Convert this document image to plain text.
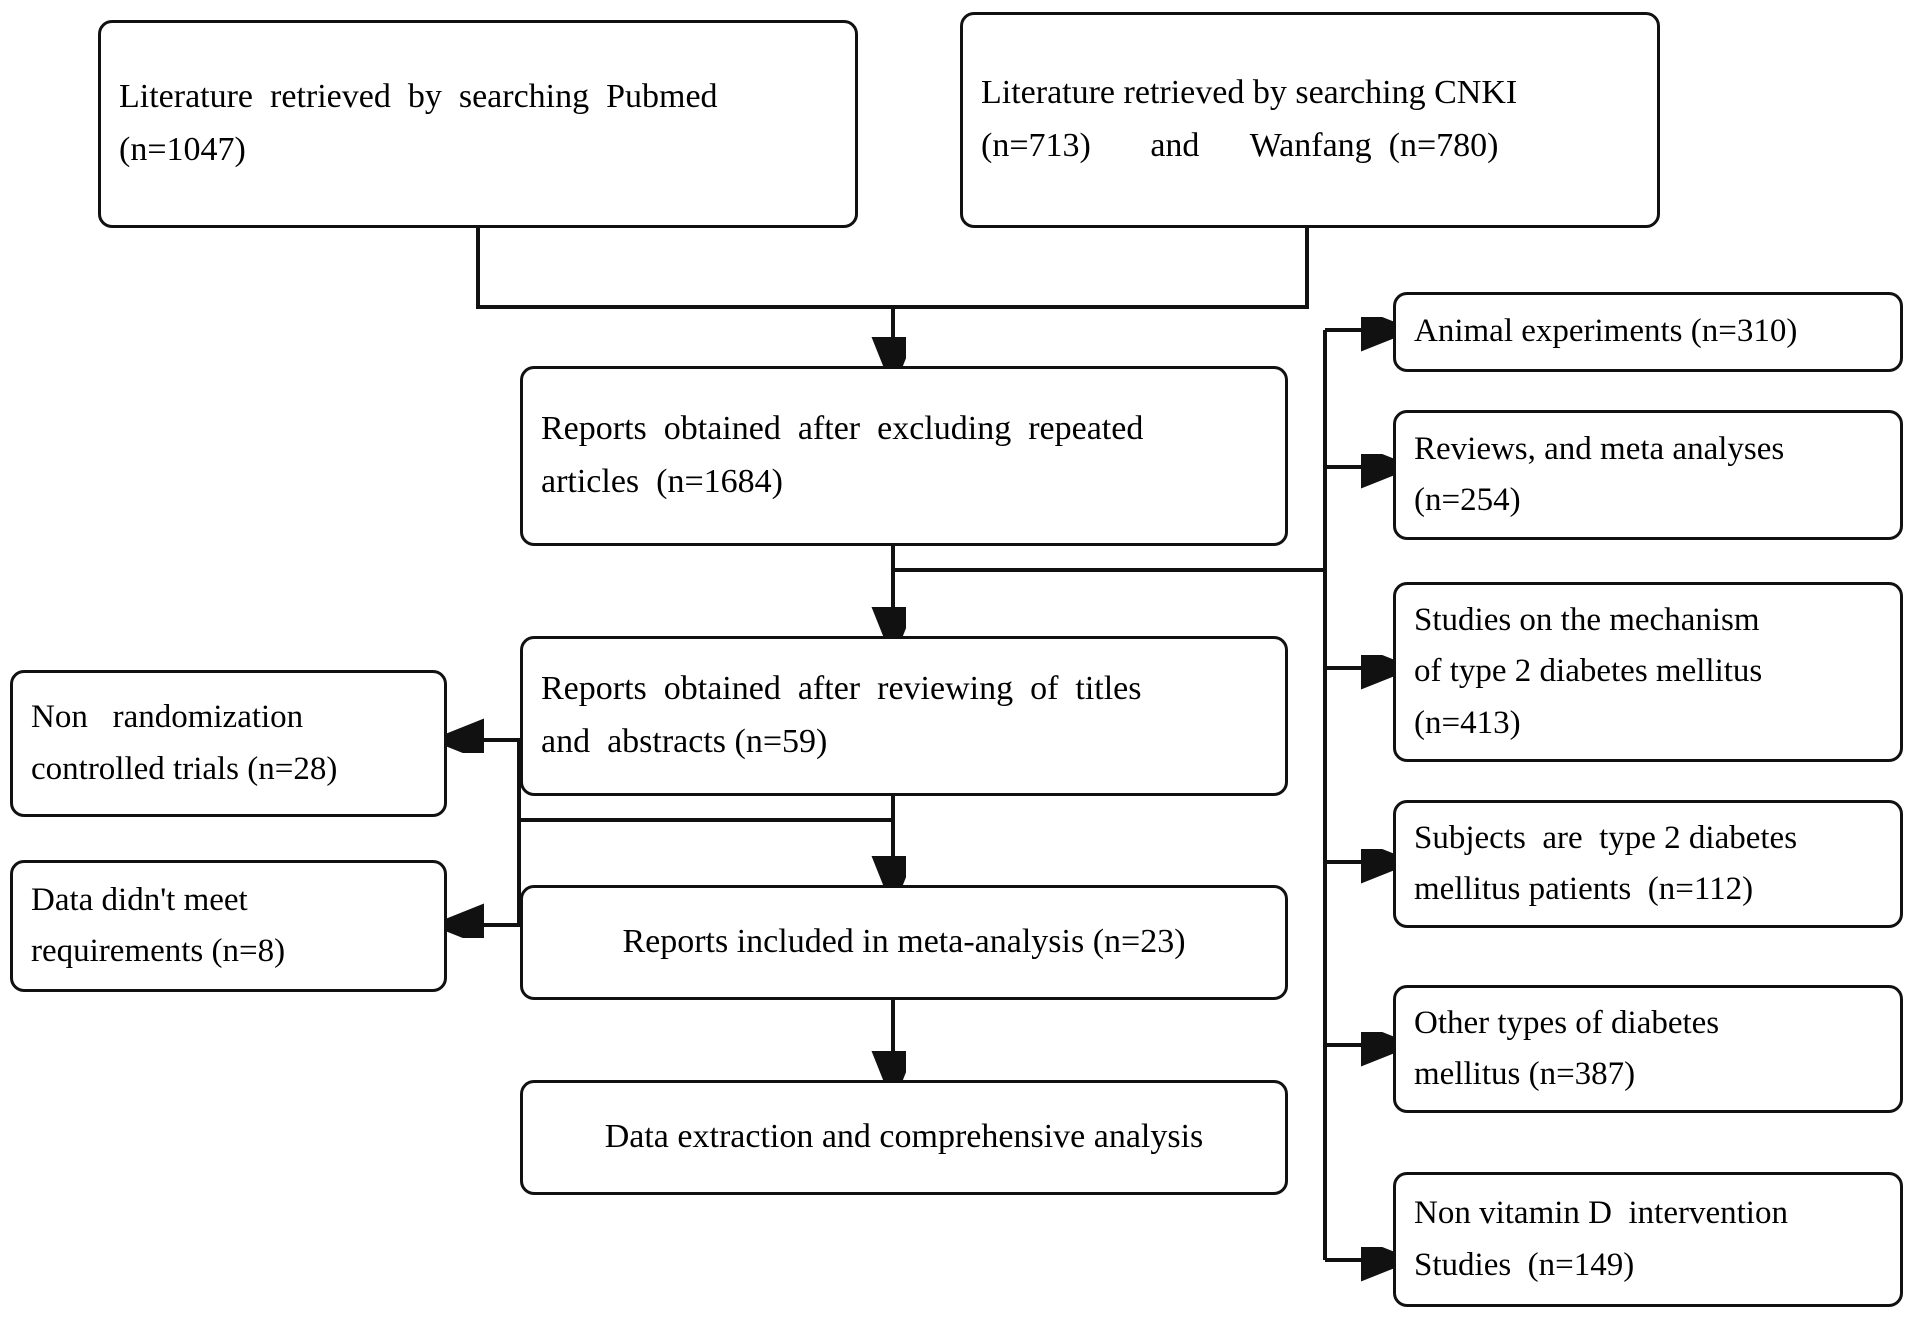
Literature  retrieved  by  searching  Pubmed
(n=1047)
Literature retrieved by searching CNKI
(n=713)       and      Wanfang  (n=780)
Reports  obtained  after  excluding  repeated
articles  (n=1684)
Reports  obtained  after  reviewing  of  titles
and  abstracts (n=59)
Reports included in meta-analysis (n=23)
Data extraction and comprehensive analysis
Non   randomization
controlled trials (n=28)
Data didn't meet
requirements (n=8)
Animal experiments (n=310)
Reviews, and meta analyses
(n=254)
Studies on the mechanism
of type 2 diabetes mellitus
(n=413)
Subjects  are  type 2 diabetes
mellitus patients  (n=112)
Other types of diabetes
mellitus (n=387)
Non vitamin D  intervention
Studies  (n=149)
